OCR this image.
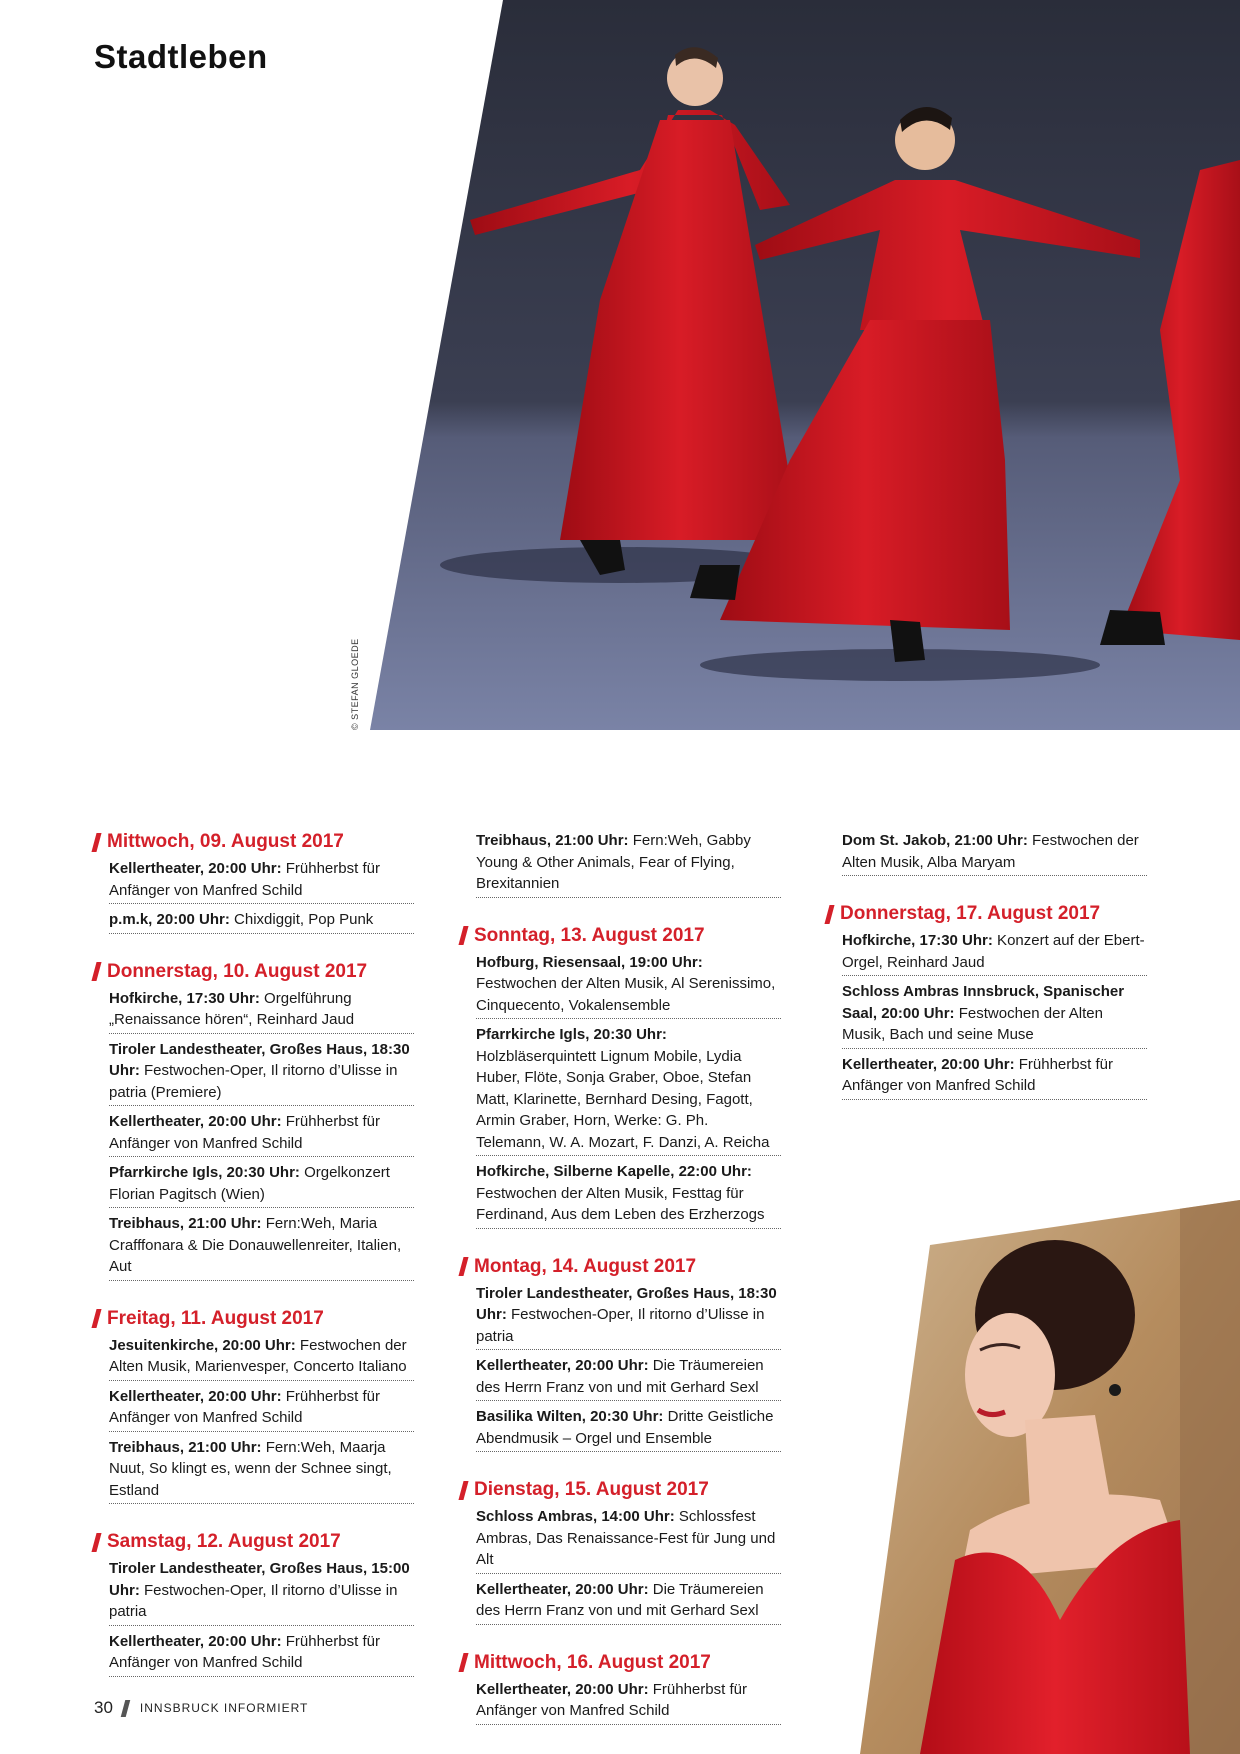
Stadtleben
© STEFAN GLOEDE
Mittwoch, 09. August 2017
Kellertheater, 20:00 Uhr: Frühherbst für Anfänger von Manfred Schild
p.m.k, 20:00 Uhr: Chixdiggit, Pop Punk
Donnerstag, 10. August 2017
Hofkirche, 17:30 Uhr: Orgelführung „Renaissance hören“, Reinhard Jaud
Tiroler Landestheater, Großes Haus, 18:30 Uhr: Festwochen-Oper, Il ritorno d’Ulisse in patria (Premiere)
Kellertheater, 20:00 Uhr: Frühherbst für Anfänger von Manfred Schild
Pfarrkirche Igls, 20:30 Uhr: Orgelkonzert Florian Pagitsch (Wien)
Treibhaus, 21:00 Uhr: Fern:Weh, Maria Crafffonara & Die Donauwellenreiter, Italien, Aut
Freitag, 11. August 2017
Jesuitenkirche, 20:00 Uhr: Festwochen der Alten Musik, Marienvesper, Concerto Italiano
Kellertheater, 20:00 Uhr: Frühherbst für Anfänger von Manfred Schild
Treibhaus, 21:00 Uhr: Fern:Weh, Maarja Nuut, So klingt es, wenn der Schnee singt, Estland
Samstag, 12. August 2017
Tiroler Landestheater, Großes Haus, 15:00 Uhr: Festwochen-Oper, Il ritorno d’Ulisse in patria
Kellertheater, 20:00 Uhr: Frühherbst für Anfänger von Manfred Schild
Treibhaus, 21:00 Uhr: Fern:Weh, Gabby Young & Other Animals, Fear of Flying, Brexitannien
Sonntag, 13. August 2017
Hofburg, Riesensaal, 19:00 Uhr: Festwochen der Alten Musik, Al Serenissimo, Cinquecento, Vokalensemble
Pfarrkirche Igls, 20:30 Uhr: Holzbläserquintett Lignum Mobile, Lydia Huber, Flöte, Sonja Graber, Oboe, Stefan Matt, Klarinette, Bernhard Desing, Fagott, Armin Graber, Horn, Werke: G. Ph. Telemann, W. A. Mozart, F. Danzi, A. Reicha
Hofkirche, Silberne Kapelle, 22:00 Uhr: Festwochen der Alten Musik, Festtag für Ferdinand, Aus dem Leben des Erzherzogs
Montag, 14. August 2017
Tiroler Landestheater, Großes Haus, 18:30 Uhr: Festwochen-Oper, Il ritorno d’Ulisse in patria
Kellertheater, 20:00 Uhr: Die Träumereien des Herrn Franz von und mit Gerhard Sexl
Basilika Wilten, 20:30 Uhr: Dritte Geistliche Abendmusik – Orgel und Ensemble
Dienstag, 15. August 2017
Schloss Ambras, 14:00 Uhr: Schlossfest Ambras, Das Renaissance-Fest für Jung und Alt
Kellertheater, 20:00 Uhr: Die Träumereien des Herrn Franz von und mit Gerhard Sexl
Mittwoch, 16. August 2017
Kellertheater, 20:00 Uhr: Frühherbst für Anfänger von Manfred Schild
Dom St. Jakob, 21:00 Uhr: Festwochen der Alten Musik, Alba Maryam
Donnerstag, 17. August 2017
Hofkirche, 17:30 Uhr: Konzert auf der Ebert-Orgel, Reinhard Jaud
Schloss Ambras Innsbruck, Spanischer Saal, 20:00 Uhr: Festwochen der Alten Musik, Bach und seine Muse
Kellertheater, 20:00 Uhr: Frühherbst für Anfänger von Manfred Schild
30 INNSBRUCK INFORMIERT
